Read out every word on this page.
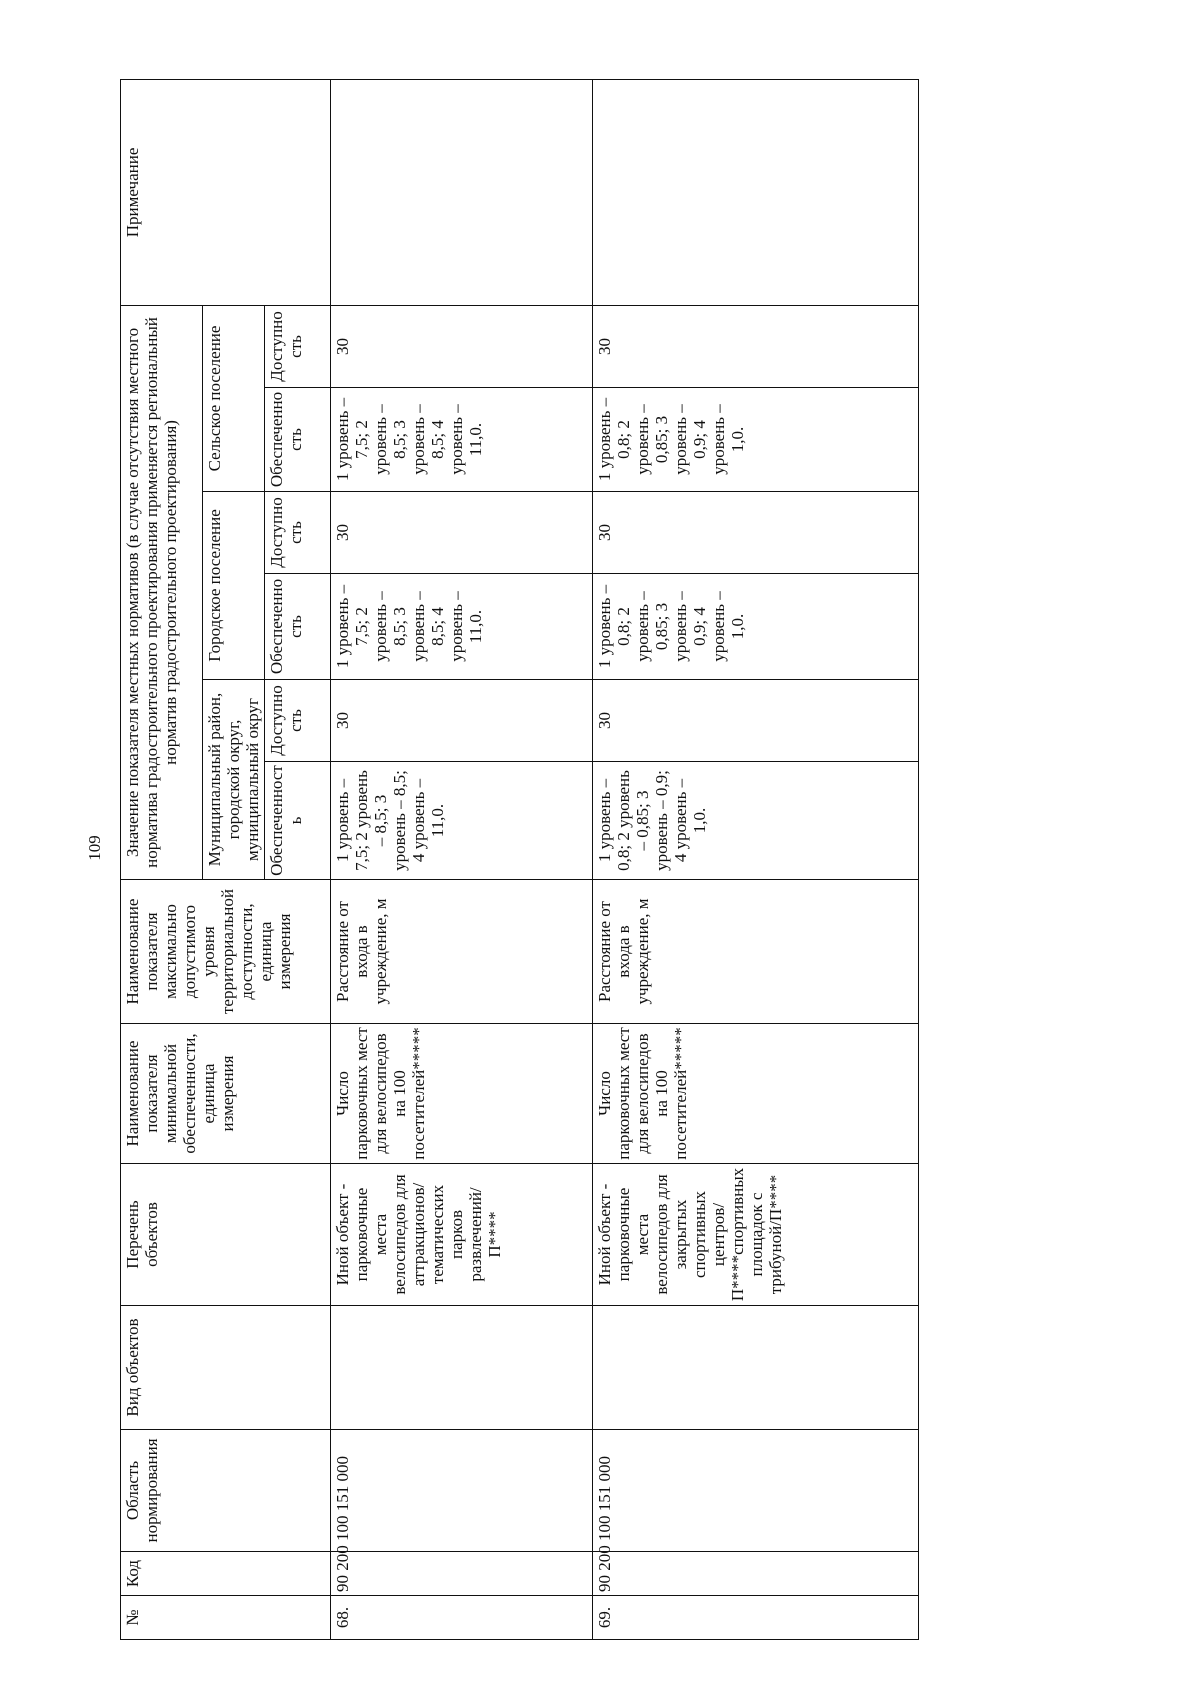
109
№	Код	Область нормирования	Вид объектов	Перечень объектов	Наименование показателя минимальной обеспеченности, единица измерения	Наименование показателя максимально допустимого уровня территориальной доступности, единица измерения	Значение показателя местных нормативов (в случае отсутствия местного норматива градостроительного проектирования применяется региональный норматив градостроительного проектирования)						Примечание
							Муниципальный район, городской округ, муниципальный округ		Городское поселение		Сельское поселение		
							Обеспеченность	Доступность	Обеспеченность	Доступность	Обеспеченность	Доступность	
68.	90 200 100 151 000			Иной объект - парковочные места велосипедов для аттракционов/тематических парков развлечений/П****	Число парковочных мест для велосипедов на 100 посетителей*****	Расстояние от входа в учреждение, м	1 уровень – 7,5; 2 уровень – 8,5; 3 уровень – 8,5; 4 уровень – 11,0.	30	1 уровень – 7,5; 2 уровень – 8,5; 3 уровень – 8,5; 4 уровень – 11,0.	30	1 уровень – 7,5; 2 уровень – 8,5; 3 уровень – 8,5; 4 уровень – 11,0.	30	
69.	90 200 100 151 000			Иной объект - парковочные места велосипедов для закрытых спортивных центров/П****спортивных площадок с трибуной/П****	Число парковочных мест для велосипедов на 100 посетителей*****	Расстояние от входа в учреждение, м	1 уровень – 0,8; 2 уровень – 0,85; 3 уровень – 0,9; 4 уровень – 1,0.	30	1 уровень – 0,8; 2 уровень – 0,85; 3 уровень – 0,9; 4 уровень – 1,0.	30	1 уровень – 0,8; 2 уровень – 0,85; 3 уровень – 0,9; 4 уровень – 1,0.	30	
